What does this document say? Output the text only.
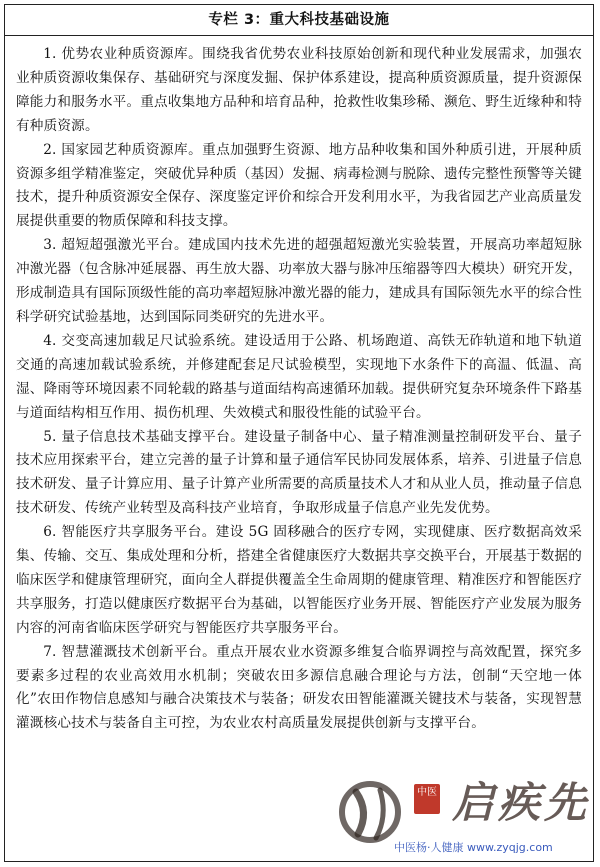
专栏 3：重大科技基础设施

1. 优势农业种质资源库。围绕我省优势农业科技原始创新和现代种业发展需求，加强农业种质资源收集保存、基础研究与深度发掘、保护体系建设，提高种质资源质量，提升资源保障能力和服务水平。重点收集地方品种和培育品种，抢救性收集珍稀、濒危、野生近缘种和特有种质资源。

2. 国家园艺种质资源库。重点加强野生资源、地方品种收集和国外种质引进，开展种质资源多组学精准鉴定，突破优异种质（基因）发掘、病毒检测与脱除、遗传完整性预警等关键技术，提升种质资源安全保存、深度鉴定评价和综合开发利用水平，为我省园艺产业高质量发展提供重要的物质保障和科技支撑。

3. 超短超强激光平台。建成国内技术先进的超强超短激光实验装置，开展高功率超短脉冲激光器（包含脉冲延展器、再生放大器、功率放大器与脉冲压缩器等四大模块）研究开发，形成制造具有国际顶级性能的高功率超短脉冲激光器的能力，建成具有国际领先水平的综合性科学研究试验基地，达到国际同类研究的先进水平。

4. 交变高速加载足尺试验系统。建设适用于公路、机场跑道、高铁无砟轨道和地下轨道交通的高速加载试验系统，并修建配套足尺试验模型，实现地下水条件下的高温、低温、高湿、降雨等环境因素不同轮载的路基与道面结构高速循环加载。提供研究复杂环境条件下路基与道面结构相互作用、损伤机理、失效模式和服役性能的试验平台。

5. 量子信息技术基础支撑平台。建设量子制备中心、量子精准测量控制研发平台、量子技术应用探索平台，建立完善的量子计算和量子通信军民协同发展体系，培养、引进量子信息技术研发、量子计算应用、量子计算产业所需要的高质量技术人才和从业人员，推动量子信息技术研发、传统产业转型及高科技产业培育，争取形成量子信息产业先发优势。

6. 智能医疗共享服务平台。建设 5G 固移融合的医疗专网，实现健康、医疗数据高效采集、传输、交互、集成处理和分析，搭建全省健康医疗大数据共享交换平台，开展基于数据的临床医学和健康管理研究，面向全人群提供覆盖全生命周期的健康管理、精准医疗和智能医疗共享服务，打造以健康医疗数据平台为基础，以智能医疗业务开展、智能医疗产业发展为服务内容的河南省临床医学研究与智能医疗共享服务平台。

7. 智慧灌溉技术创新平台。重点开展农业水资源多维复合临界调控与高效配置，探究多要素多过程的农业高效用水机制；突破农田多源信息融合理论与方法，创制“天空地一体化”农田作物信息感知与融合决策技术与装备；研发农田智能灌溉关键技术与装备，实现智慧灌溉核心技术与装备自主可控，为农业农村高质量发展提供创新与支撑平台。

中医 启疾先
中医杨·人健康 www.zyqjg.com
